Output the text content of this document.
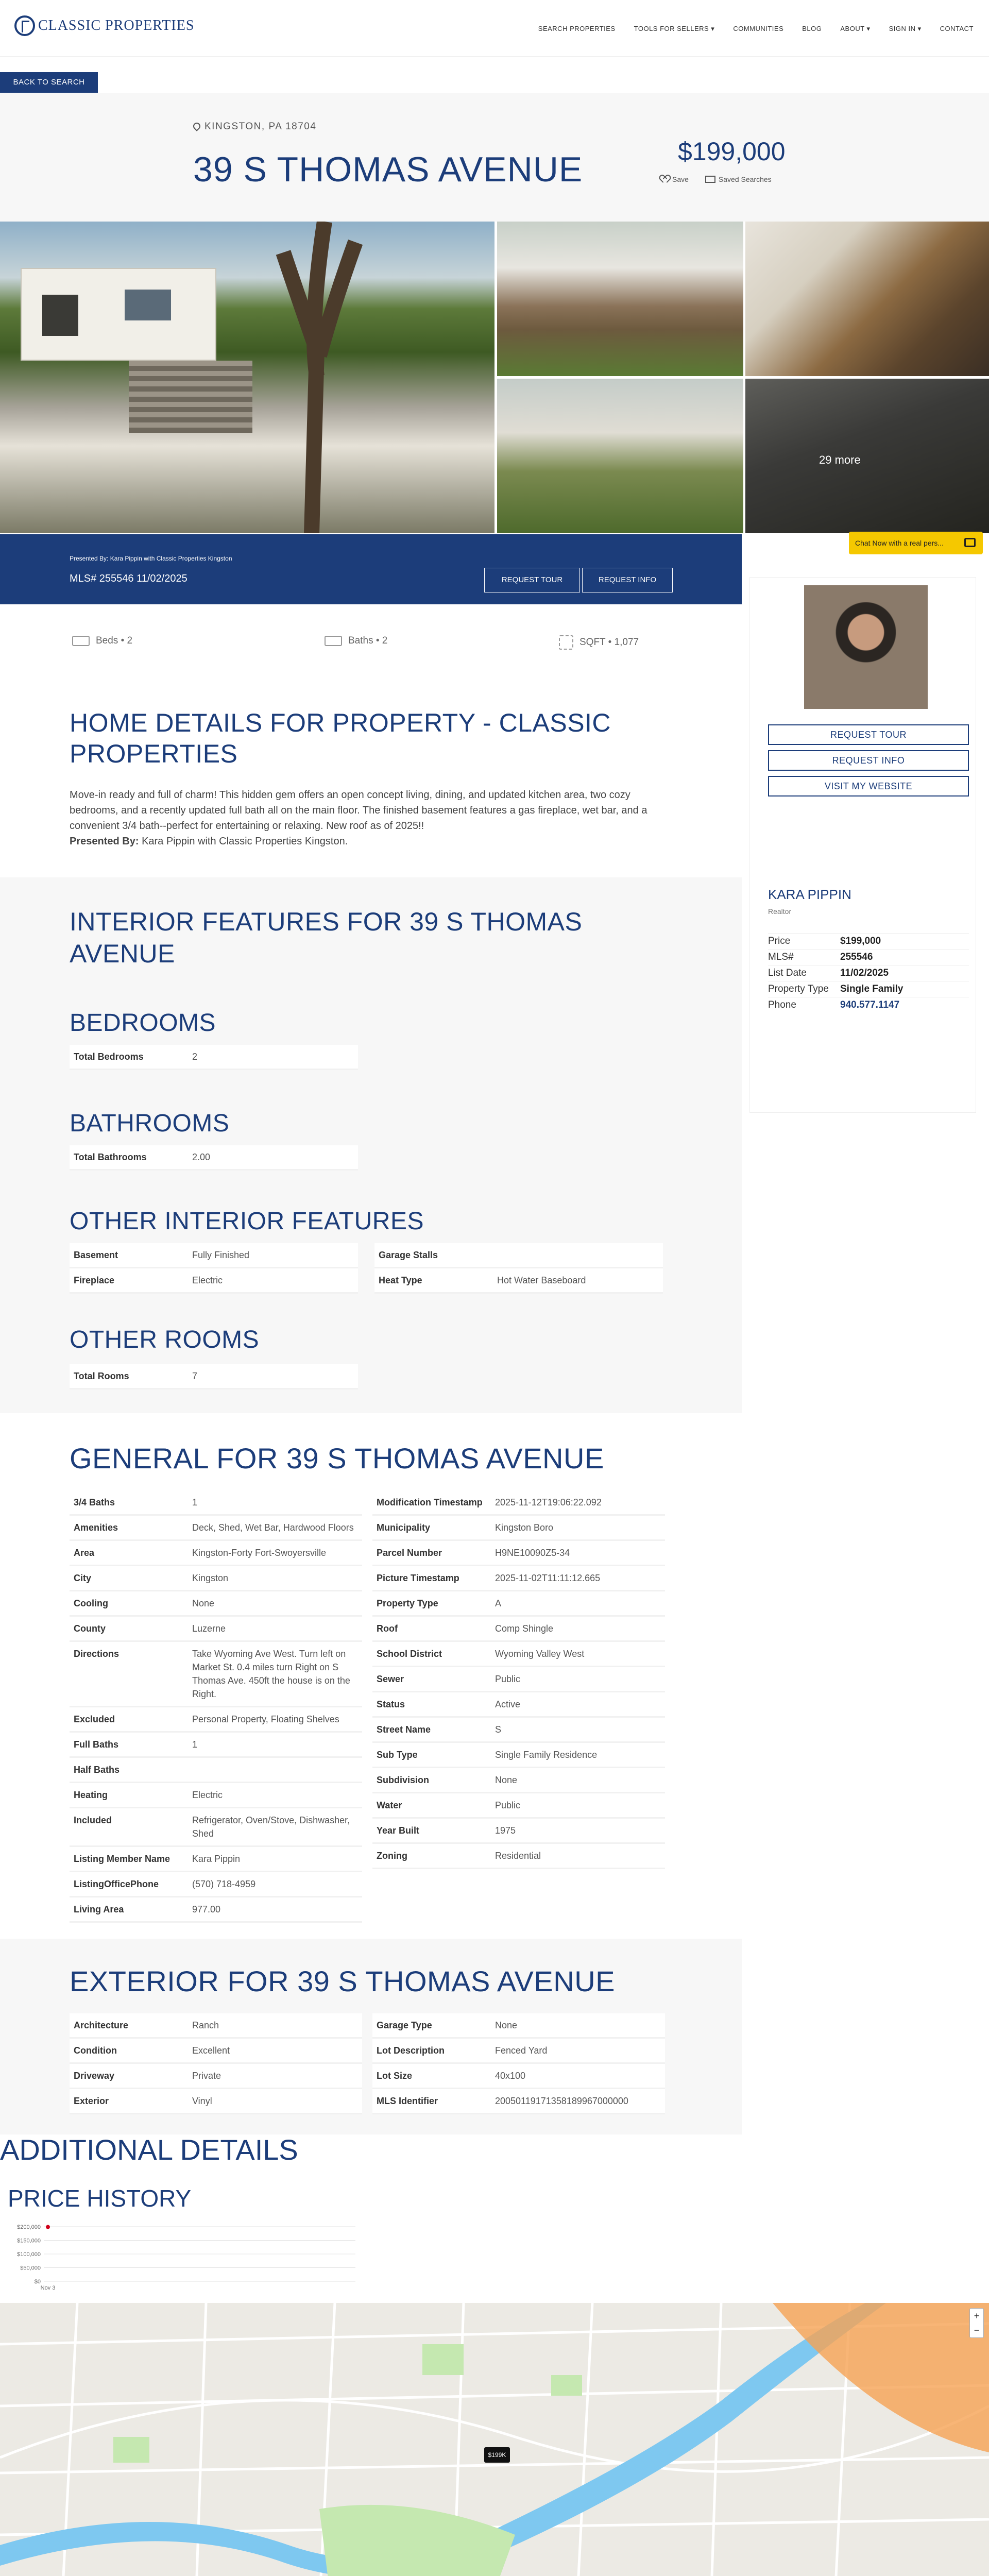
CLASSIC PROPERTIES	SEARCH PROPERTIES	TOOLS FOR SELLERS ▾	COMMUNITIES	BLOG	ABOUT ▾	SIGN IN ▾	CONTACT
BACK TO SEARCH
KINGSTON, PA 18704
39 S THOMAS AVENUE	$199,000
Save	Saved Searches
29 more
Presented By: Kara Pippin with Classic Properties Kingston
MLS# 255546 11/02/2025	REQUEST TOUR	REQUEST INFO
Chat Now with a real pers...
Beds • 2	Baths • 2	SQFT • 1,077
REQUEST TOUR
REQUEST INFO
VISIT MY WEBSITE
KARA PIPPIN
Realtor
Price	$199,000
MLS#	255546
List Date	11/02/2025
Property Type	Single Family
Phone	940.577.1147
HOME DETAILS FOR PROPERTY - CLASSIC PROPERTIES

Move-in ready and full of charm! This hidden gem offers an open concept living, dining, and updated kitchen area, two cozy bedrooms, and a recently updated full bath all on the main floor. The finished basement features a gas fireplace, wet bar, and a convenient 3/4 bath--perfect for entertaining or relaxing. New roof as of 2025!!

Presented By: Kara Pippin with Classic Properties Kingston.

INTERIOR FEATURES FOR 39 S THOMAS AVENUE
BEDROOMS
Total Bedrooms	2
BATHROOMS
Total Bathrooms	2.00
OTHER INTERIOR FEATURES
Basement	Fully Finished
Fireplace	Electric
Garage Stalls
Heat Type	Hot Water Baseboard
OTHER ROOMS
Total Rooms	7
GENERAL FOR 39 S THOMAS AVENUE
3/4 Baths	1
Amenities	Deck, Shed, Wet Bar, Hardwood Floors
Area	Kingston-Forty Fort-Swoyersville
City	Kingston
Cooling	None
County	Luzerne
Directions	Take Wyoming Ave West. Turn left on Market St. 0.4 miles turn Right on S Thomas Ave. 450ft the house is on the Right.
Excluded	Personal Property, Floating Shelves
Full Baths	1
Half Baths
Heating	Electric
Included	Refrigerator, Oven/Stove, Dishwasher, Shed
Listing Member Name	Kara Pippin
ListingOfficePhone	(570) 718-4959
Living Area	977.00
Modification Timestamp	2025-11-12T19:06:22.092
Municipality	Kingston Boro
Parcel Number	H9NE10090Z5-34
Picture Timestamp	2025-11-02T11:11:12.665
Property Type	A
Roof	Comp Shingle
School District	Wyoming Valley West
Sewer	Public
Status	Active
Street Name	S
Sub Type	Single Family Residence
Subdivision	None
Water	Public
Year Built	1975
Zoning	Residential
EXTERIOR FOR 39 S THOMAS AVENUE
Architecture	Ranch
Condition	Excellent
Driveway	Private
Exterior	Vinyl
Garage Type	None
Lot Description	Fenced Yard
Lot Size	40x100
MLS Identifier	20050119171358189967000000
ADDITIONAL DETAILS
PRICE HISTORY
$200,000
$150,000
$100,000
$50,000
$0
Nov 3
$199K
+
−
